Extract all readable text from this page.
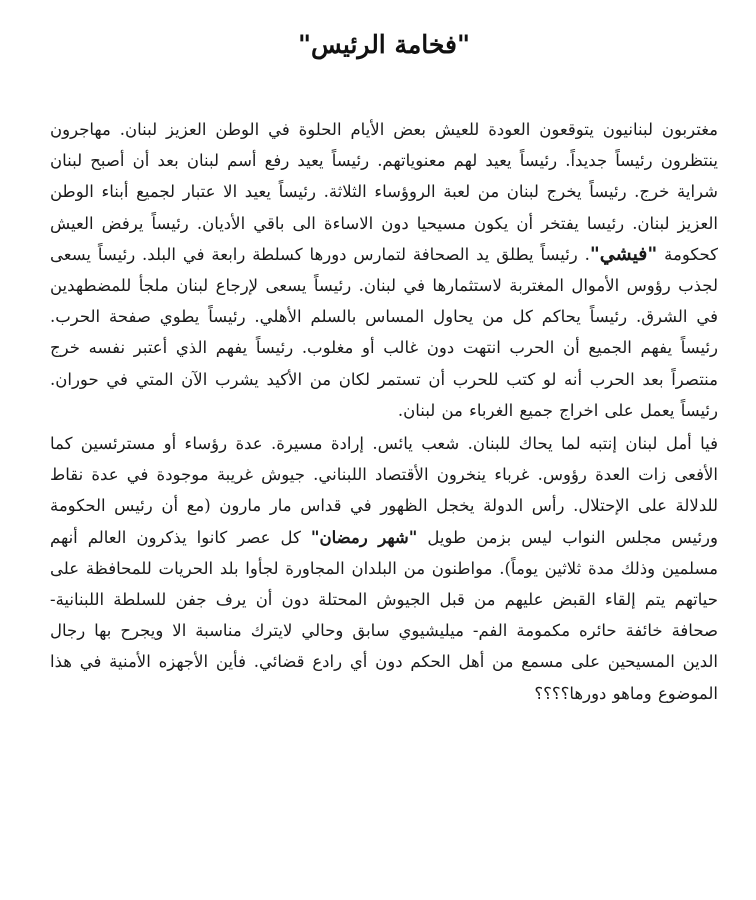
"فخامة الرئيس"

مغتربون لبنانيون يتوقعون العودة للعيش بعض الأيام الحلوة في الوطن العزيز لبنان. مهاجرون ينتظرون رئيساً جديداً. رئيساً يعيد لهم معنوياتهم. رئيساً يعيد رفع أسم لبنان بعد أن أصبح لبنان شراية خرج. رئيساً يخرج لبنان من لعبة الروؤساء الثلاثة. رئيساً يعيد الا عتبار لجميع أبناء الوطن العزيز لبنان. رئيسا يفتخر أن يكون مسيحيا دون الاساءة الى باقي الأديان. رئيساً يرفض العيش كحكومة "فيشي". رئيساً يطلق يد الصحافة لتمارس دورها كسلطة رابعة في البلد. رئيساً يسعى لجذب رؤوس الأموال المغتربة لاستثمارها في لبنان. رئيساً يسعى لإرجاع لبنان ملجأ للمضطهدين في الشرق. رئيساً يحاكم كل من يحاول المساس بالسلم الأهلي. رئيساً يطوي صفحة الحرب. رئيساً يفهم الجميع أن الحرب انتهت دون غالب أو مغلوب. رئيساً يفهم الذي أعتبر نفسه خرج منتصراً بعد الحرب أنه لو كتب للحرب أن تستمر لكان من الأكيد يشرب الآن المتي في حوران. رئيساً يعمل على اخراج جميع الغرباء من لبنان.

فيا أمل لبنان إنتبه لما يحاك للبنان. شعب يائس. إرادة مسيرة. عدة رؤساء أو مسترئسين كما الأفعى زات العدة رؤوس. غرباء ينخرون الأقتصاد اللبناني. جيوش غريبة موجودة في عدة نقاط للدلالة على الإحتلال. رأس الدولة يخجل الظهور في قداس مار مارون (مع أن رئيس الحكومة ورئيس مجلس النواب ليس بزمن طويل "شهر رمضان" كل عصر كانوا يذكرون العالم أنهم مسلمين وذلك مدة ثلاثين يوماً). مواطنون من البلدان المجاورة لجأوا بلد الحريات للمحافظة على حياتهم يتم إلقاء القبض عليهم من قبل الجيوش المحتلة دون أن يرف جفن للسلطة اللبنانية- صحافة خائفة حائره مكمومة الفم- ميليشيوي سابق وحالي لايترك مناسبة الا ويجرح بها رجال الدين المسيحين على مسمع من أهل الحكم دون أي رادع قضائي. فأين الأجهزه الأمنية في هذا الموضوع وماهو دورها؟؟؟؟
